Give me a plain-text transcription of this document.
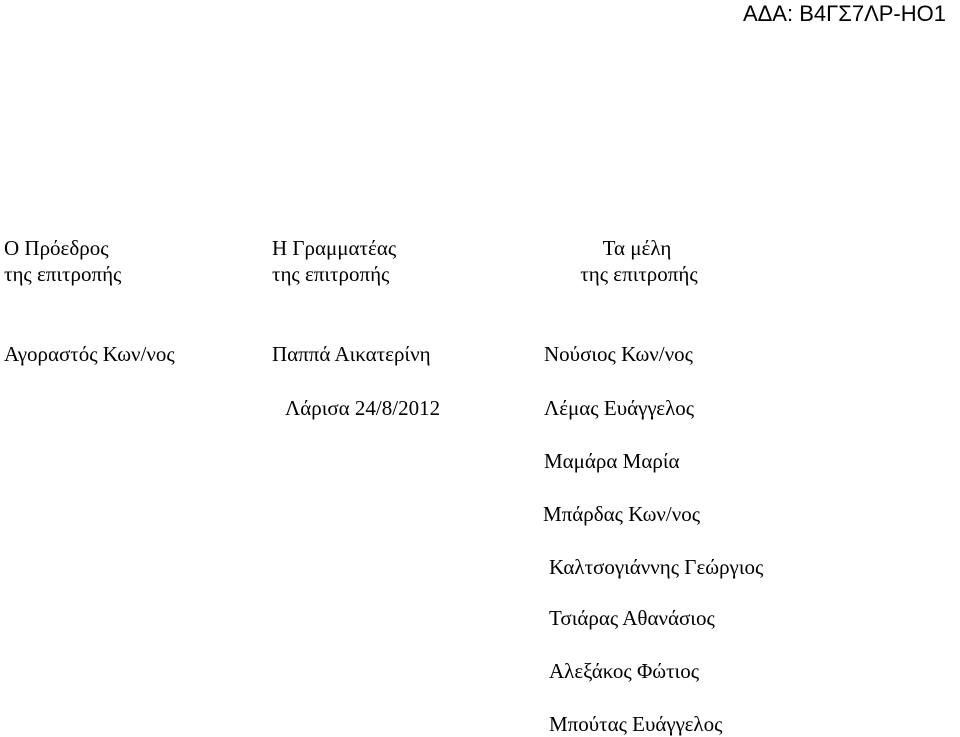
ΑΔΑ: Β4ΓΣ7ΛΡ-ΗΟ1
Ο Πρόεδρος
της επιτροπής
Αγοραστός Κων/νος
Η Γραμματέας
της επιτροπής
Παππά Αικατερίνη
Λάρισα 24/8/2012
Τα μέλη
της επιτροπής
Νούσιος Κων/νος
Λέμας Ευάγγελος
Μαμάρα Μαρία
Μπάρδας Κων/νος
Καλτσογιάννης Γεώργιος
Τσιάρας Αθανάσιος
Αλεξάκος Φώτιος
Μπούτας Ευάγγελος
